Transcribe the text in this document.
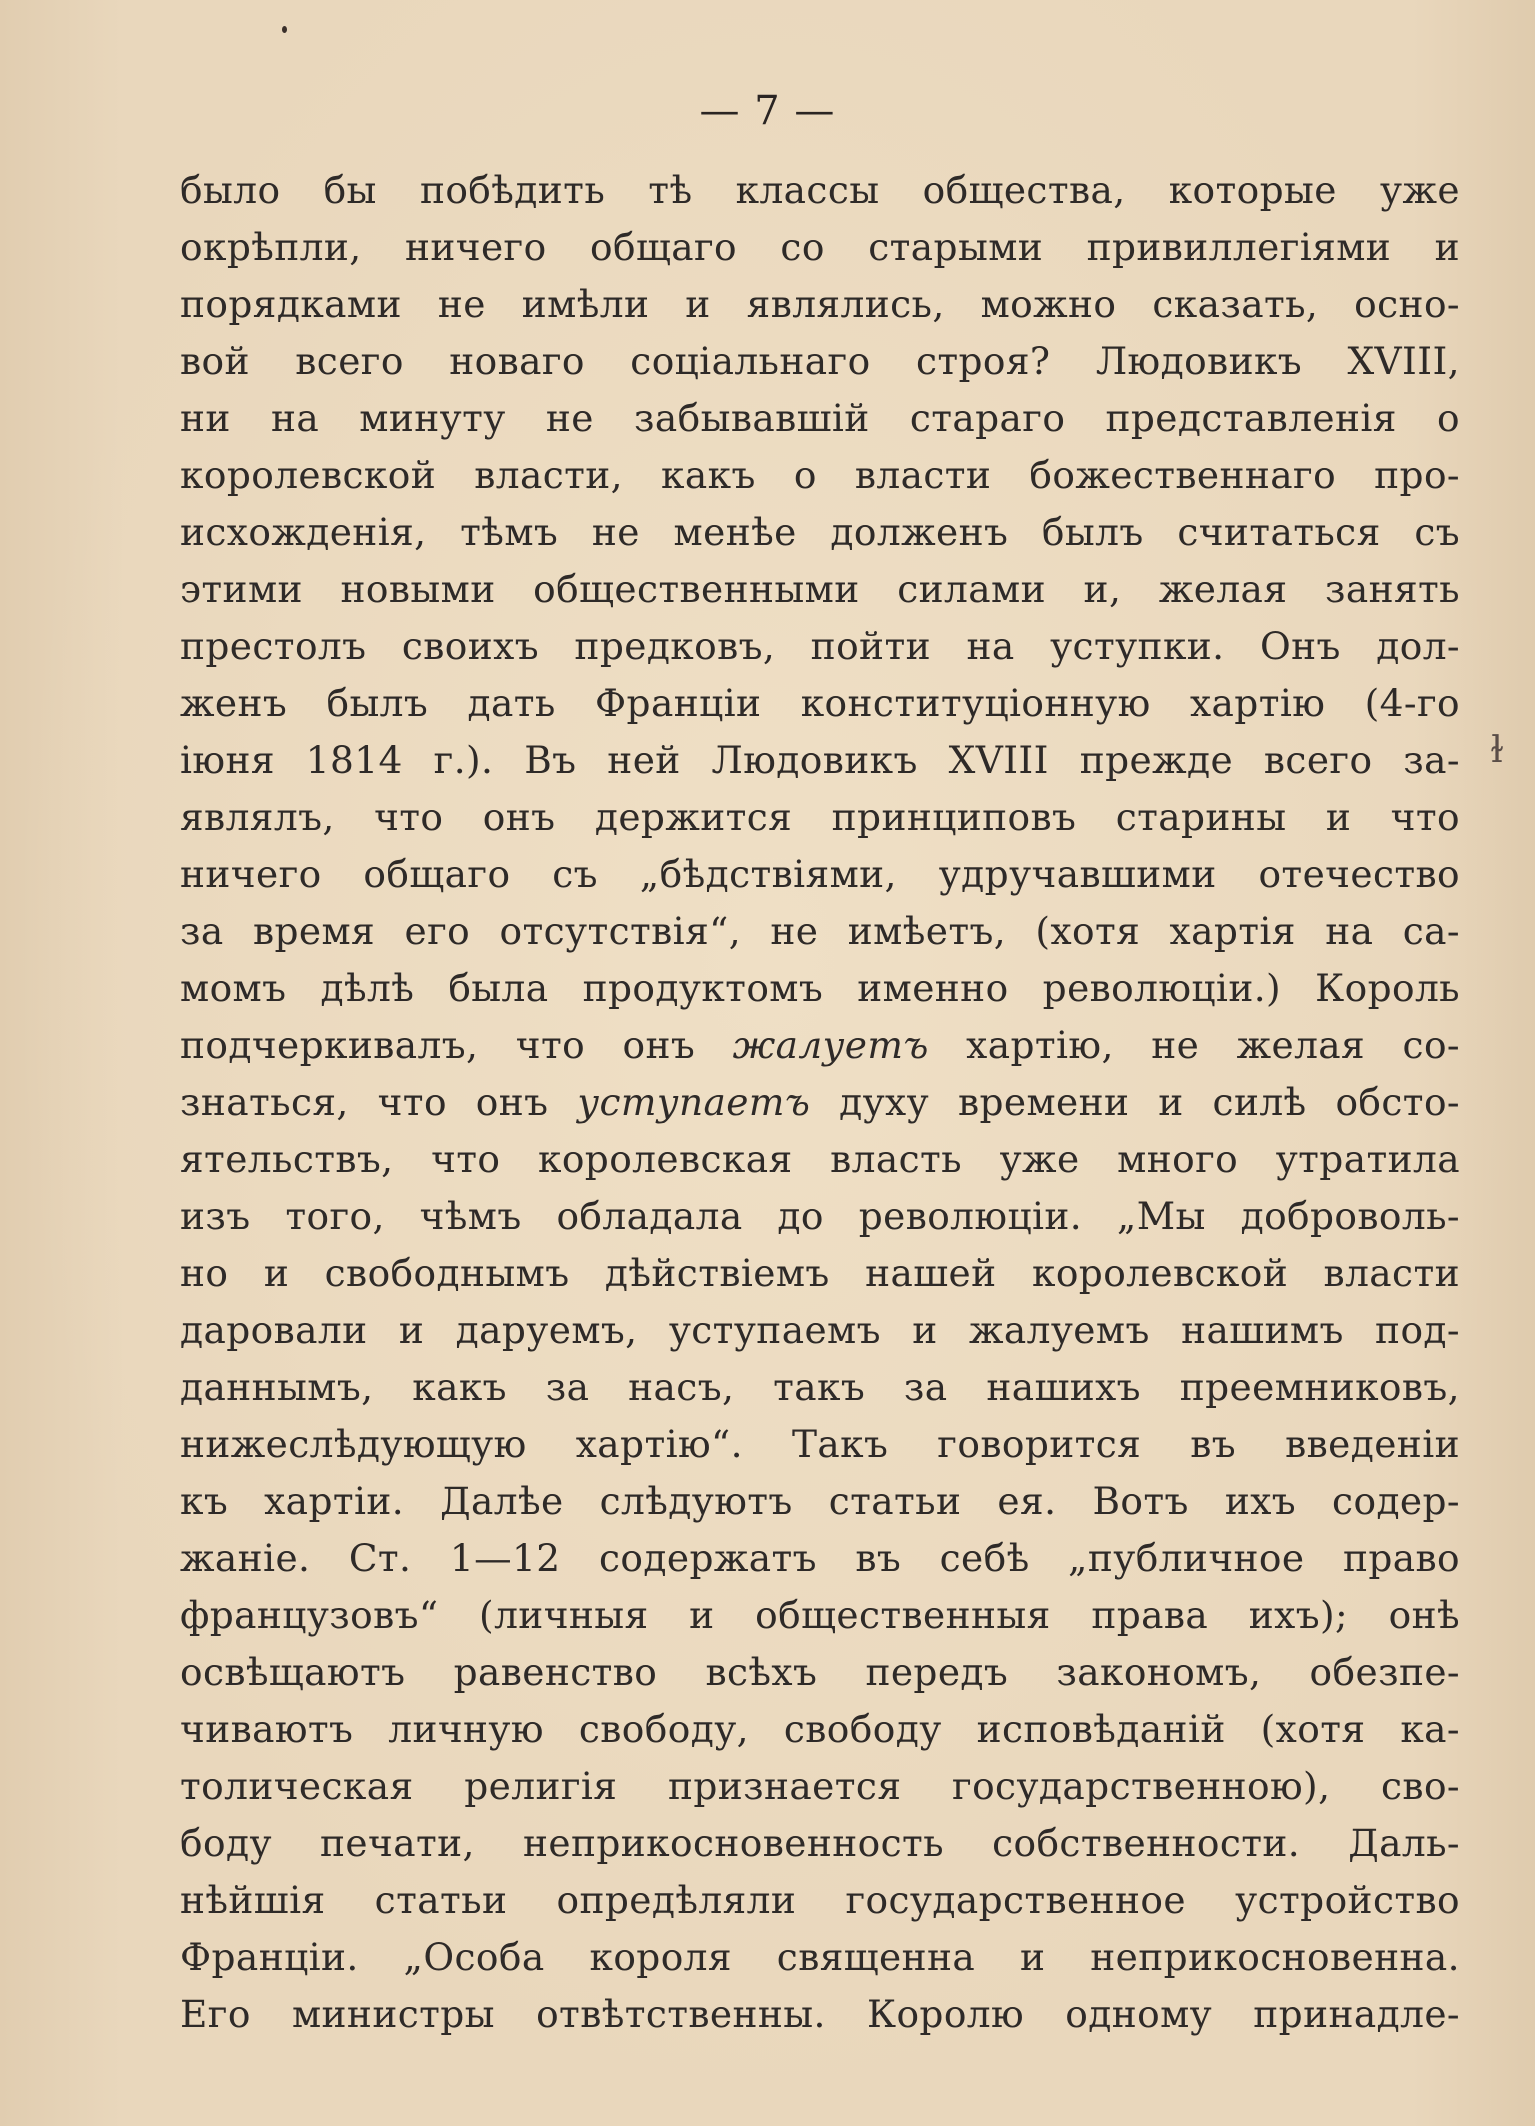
— 7 —
ɫ
было бы побѣдить тѣ классы общества, которые уже
окрѣпли, ничего общаго со старыми привиллегіями и
порядками не имѣли и являлись, можно сказать, осно-
вой всего новаго соціальнаго строя? Людовикъ XVIII,
ни на минуту не забывавшій стараго представленія о
королевской власти, какъ о власти божественнаго про-
исхожденія, тѣмъ не менѣе долженъ былъ считаться съ
этими новыми общественными силами и, желая занять
престолъ своихъ предковъ, пойти на уступки. Онъ дол-
женъ былъ дать Франціи конституціонную хартію (4-го
іюня 1814 г.). Въ ней Людовикъ XVIII прежде всего за-
являлъ, что онъ держится принциповъ старины и что
ничего общаго съ „бѣдствіями, удручавшими отечество
за время его отсутствія“, не имѣетъ, (хотя хартія на са-
момъ дѣлѣ была продуктомъ именно революціи.) Король
подчеркивалъ, что онъ жалуетъ хартію, не желая со-
знаться, что онъ уступаетъ духу времени и силѣ обсто-
ятельствъ, что королевская власть уже много утратила
изъ того, чѣмъ обладала до революціи. „Мы доброволь-
но и свободнымъ дѣйствіемъ нашей королевской власти
даровали и даруемъ, уступаемъ и жалуемъ нашимъ под-
даннымъ, какъ за насъ, такъ за нашихъ преемниковъ,
нижеслѣдующую хартію“. Такъ говорится въ введеніи
къ хартіи. Далѣе слѣдуютъ статьи ея. Вотъ ихъ содер-
жаніе. Ст. 1—12 содержатъ въ себѣ „публичное право
французовъ“ (личныя и общественныя права ихъ); онѣ
освѣщаютъ равенство всѣхъ передъ закономъ, обезпе-
чиваютъ личную свободу, свободу исповѣданій (хотя ка-
толическая религія признается государственною), сво-
боду печати, неприкосновенность собственности. Даль-
нѣйшія статьи опредѣляли государственное устройство
Франціи. „Особа короля священна и неприкосновенна.
Его министры отвѣтственны. Королю одному принадле-
